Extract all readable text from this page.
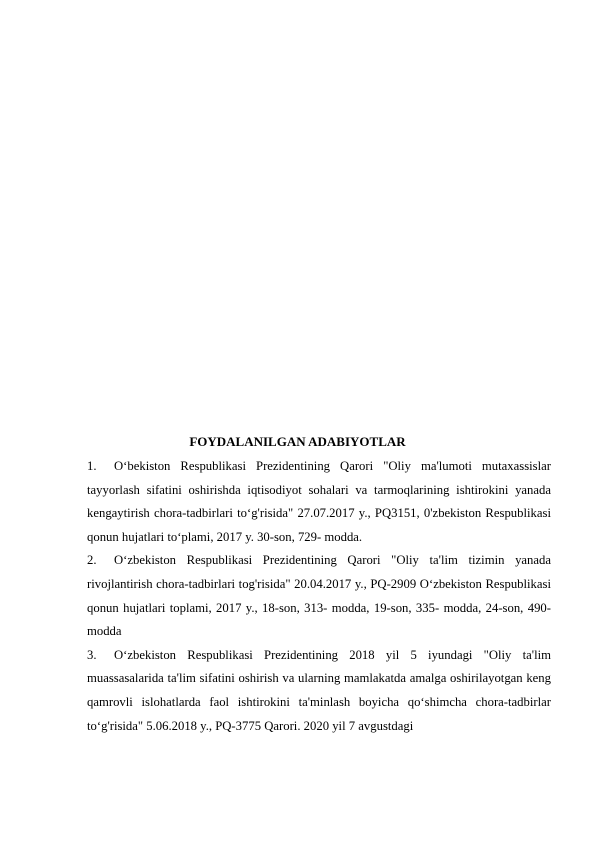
FOYDALANILGAN ADABIYOTLAR
1. O‘bekiston Respublikasi Prezidentining Qarori "Oliy ma'lumoti mutaxassislar tayyorlash sifatini oshirishda iqtisodiyot sohalari va tarmoqlarining ishtirokini yanada kengaytirish chora-tadbirlari to‘g'risida" 27.07.2017 y., PQ3151, 0'zbekiston Respublikasi qonun hujatlari to‘plami, 2017 y. 30-son, 729- modda.
2. O‘zbekiston Respublikasi Prezidentining Qarori "Oliy ta'lim tizimin yanada rivojlantirish chora-tadbirlari tog'risida" 20.04.2017 y., PQ-2909 O‘zbekiston Respublikasi qonun hujatlari toplami, 2017 y., 18-son, 313- modda, 19-son, 335- modda, 24-son, 490-modda
3. O‘zbekiston Respublikasi Prezidentining 2018 yil 5 iyundagi "Oliy ta'lim muassasalarida ta'lim sifatini oshirish va ularning mamlakatda amalga oshirilayotgan keng qamrovli islohatlarda faol ishtirokini ta'minlash boyicha qo‘shimcha chora-tadbirlar to‘g'risida" 5.06.2018 y., PQ-3775 Qarori. 2020 yil 7 avgustdagi
